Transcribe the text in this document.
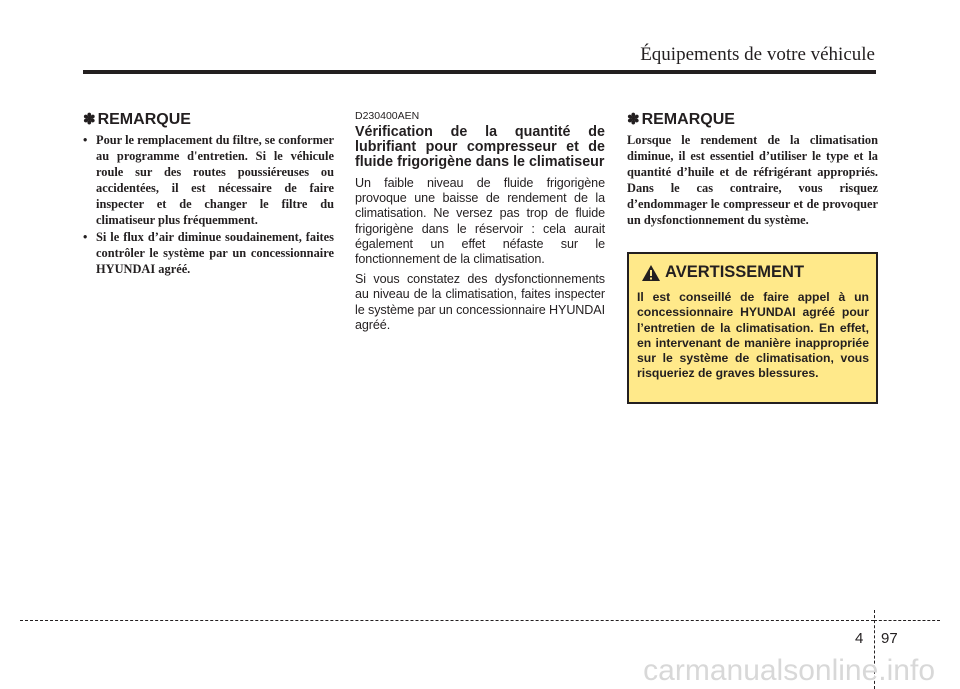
Équipements de votre véhicule
✽ REMARQUE
• Pour le remplacement du filtre, se conformer au programme d'entretien. Si le véhicule roule sur des routes poussiéreuses ou accidentées, il est nécessaire de faire inspecter et de changer le filtre du climatiseur plus fréquemment.
• Si le flux d’air diminue soudainement, faites contrôler le système par un concessionnaire HYUNDAI agréé.

D230400AEN

Vérification de la quantité de lubrifiant pour compresseur et de fluide frigorigène dans le climatiseur

Un faible niveau de fluide frigorigène provoque une baisse de rendement de la climatisation. Ne versez pas trop de fluide frigorigène dans le réservoir : cela aurait également un effet néfaste sur le fonctionnement de la climatisation.

Si vous constatez des dysfonctionnements au niveau de la climatisation, faites inspecter le système par un concessionnaire HYUNDAI agréé.

✽ REMARQUE

Lorsque le rendement de la climatisation diminue, il est essentiel d’utiliser le type et la quantité d’huile et de réfrigérant appropriés. Dans le cas contraire, vous risquez d’endommager le compresseur et de provoquer un dysfonctionnement du système.

AVERTISSEMENT

Il est conseillé de faire appel à un concessionnaire HYUNDAI agréé pour l’entretien de la climatisation. En effet, en intervenant de manière inappropriée sur le système de climatisation, vous risqueriez de graves blessures.

4 97
carmanualsonline.info
